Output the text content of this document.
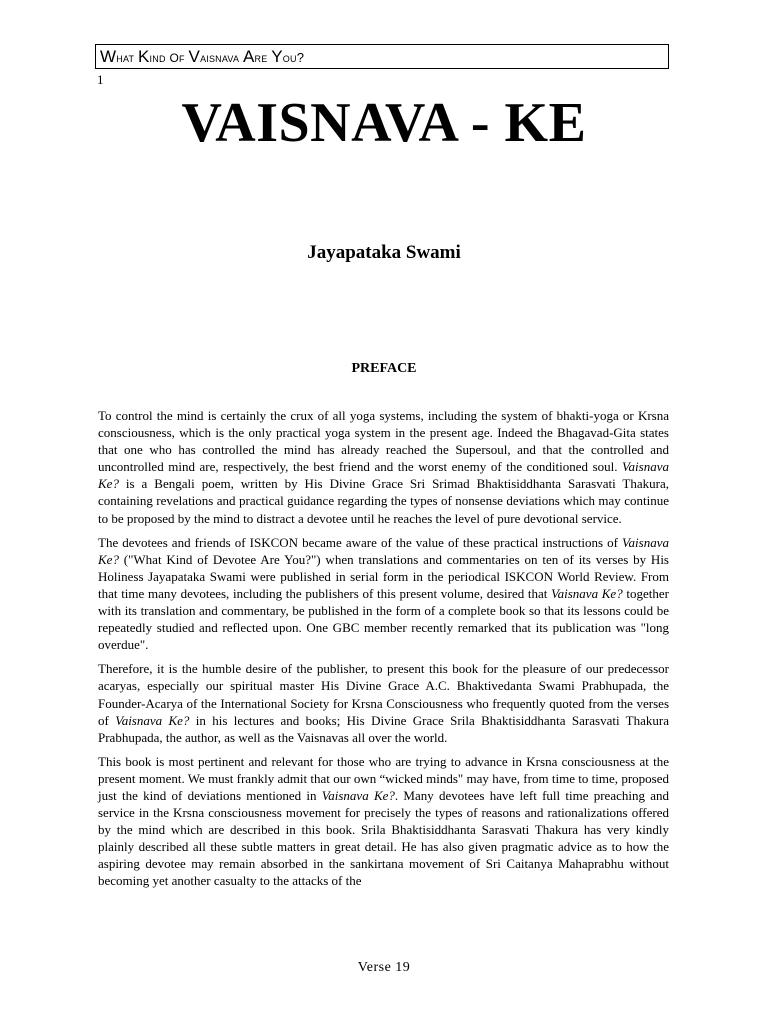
What Kind of Vaisnava Are You?
1
VAISNAVA - KE
Jayapataka Swami
PREFACE

To control the mind is certainly the crux of all yoga systems, including the system of bhakti-yoga or Krsna consciousness, which is the only practical yoga system in the present age. Indeed the Bhagavad-Gita states that one who has controlled the mind has already reached the Supersoul, and that the controlled and uncontrolled mind are, respectively, the best friend and the worst enemy of the conditioned soul. Vaisnava Ke? is a Bengali poem, written by His Divine Grace Sri Srimad Bhaktisiddhanta Sarasvati Thakura, containing revelations and practical guidance regarding the types of nonsense deviations which may continue to be proposed by the mind to distract a devotee until he reaches the level of pure devotional service.

The devotees and friends of ISKCON became aware of the value of these practical instructions of Vaisnava Ke? ("What Kind of Devotee Are You?") when translations and commentaries on ten of its verses by His Holiness Jayapataka Swami were published in serial form in the periodical ISKCON World Review. From that time many devotees, including the publishers of this present volume, desired that Vaisnava Ke? together with its translation and commentary, be published in the form of a complete book so that its lessons could be repeatedly studied and reflected upon. One GBC member recently remarked that its publication was "long overdue".

Therefore, it is the humble desire of the publisher, to present this book for the pleasure of our predecessor acaryas, especially our spiritual master His Divine Grace A.C. Bhaktivedanta Swami Prabhupada, the Founder-Acarya of the International Society for Krsna Consciousness who frequently quoted from the verses of Vaisnava Ke? in his lectures and books; His Divine Grace Srila Bhaktisiddhanta Sarasvati Thakura Prabhupada, the author, as well as the Vaisnavas all over the world.

This book is most pertinent and relevant for those who are trying to advance in Krsna consciousness at the present moment. We must frankly admit that our own “wicked minds" may have, from time to time, proposed just the kind of deviations mentioned in Vaisnava Ke?. Many devotees have left full time preaching and service in the Krsna consciousness movement for precisely the types of reasons and rationalizations offered by the mind which are described in this book. Srila Bhaktisiddhanta Sarasvati Thakura has very kindly plainly described all these subtle matters in great detail. He has also given pragmatic advice as to how the aspiring devotee may remain absorbed in the sankirtana movement of Sri Caitanya Mahaprabhu without becoming yet another casualty to the attacks of the

Verse 19
